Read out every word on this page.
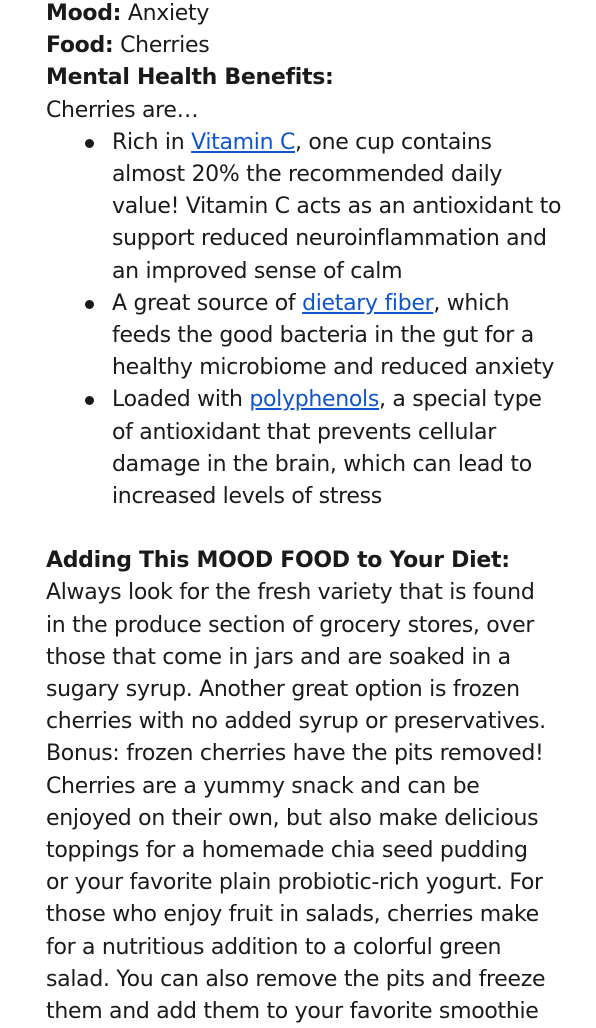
Mood: Anxiety

Food: Cherries

Mental Health Benefits:

Cherries are…

Rich in Vitamin C, one cup contains
almost 20% the recommended daily
value! Vitamin C acts as an antioxidant to
support reduced neuroinflammation and
an improved sense of calm
A great source of dietary fiber, which
feeds the good bacteria in the gut for a
healthy microbiome and reduced anxiety
Loaded with polyphenols, a special type
of antioxidant that prevents cellular
damage in the brain, which can lead to
increased levels of stress

Adding This MOOD FOOD to Your Diet:

Always look for the fresh variety that is found
in the produce section of grocery stores, over
those that come in jars and are soaked in a
sugary syrup. Another great option is frozen
cherries with no added syrup or preservatives.
Bonus: frozen cherries have the pits removed!
Cherries are a yummy snack and can be
enjoyed on their own, but also make delicious
toppings for a homemade chia seed pudding
or your favorite plain probiotic-rich yogurt. For
those who enjoy fruit in salads, cherries make
for a nutritious addition to a colorful green
salad. You can also remove the pits and freeze
them and add them to your favorite smoothie
